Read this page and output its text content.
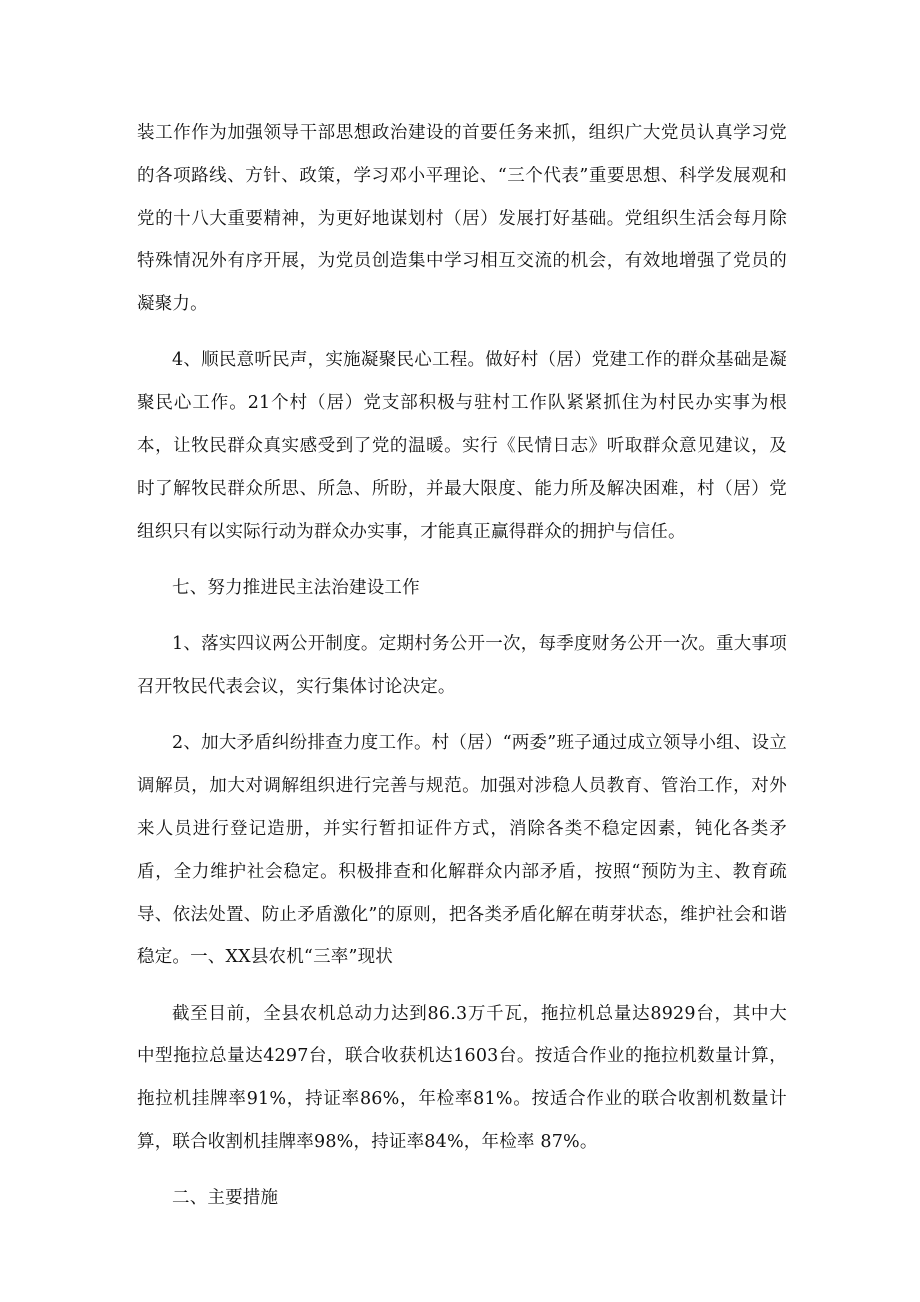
装工作作为加强领导干部思想政治建设的首要任务来抓，组织广大党员认真学习党的各项路线、方针、政策，学习邓小平理论、“三个代表”重要思想、科学发展观和党的十八大重要精神，为更好地谋划村（居）发展打好基础。党组织生活会每月除特殊情况外有序开展，为党员创造集中学习相互交流的机会，有效地增强了党员的凝聚力。

4、顺民意听民声，实施凝聚民心工程。做好村（居）党建工作的群众基础是凝聚民心工作。21个村（居）党支部积极与驻村工作队紧紧抓住为村民办实事为根本，让牧民群众真实感受到了党的温暖。实行《民情日志》听取群众意见建议，及时了解牧民群众所思、所急、所盼，并最大限度、能力所及解决困难，村（居）党组织只有以实际行动为群众办实事，才能真正赢得群众的拥护与信任。

七、努力推进民主法治建设工作

1、落实四议两公开制度。定期村务公开一次，每季度财务公开一次。重大事项召开牧民代表会议，实行集体讨论决定。

2、加大矛盾纠纷排查力度工作。村（居）“两委”班子通过成立领导小组、设立调解员，加大对调解组织进行完善与规范。加强对涉稳人员教育、管治工作，对外来人员进行登记造册，并实行暂扣证件方式，消除各类不稳定因素，钝化各类矛盾，全力维护社会稳定。积极排查和化解群众内部矛盾，按照“预防为主、教育疏导、依法处置、防止矛盾激化”的原则，把各类矛盾化解在萌芽状态，维护社会和谐稳定。一、XX县农机“三率”现状

截至目前，全县农机总动力达到86.3万千瓦，拖拉机总量达8929台，其中大中型拖拉总量达4297台，联合收获机达1603台。按适合作业的拖拉机数量计算，拖拉机挂牌率91%，持证率86%，年检率81%。按适合作业的联合收割机数量计算，联合收割机挂牌率98%，持证率84%，年检率 87%。

二、主要措施
